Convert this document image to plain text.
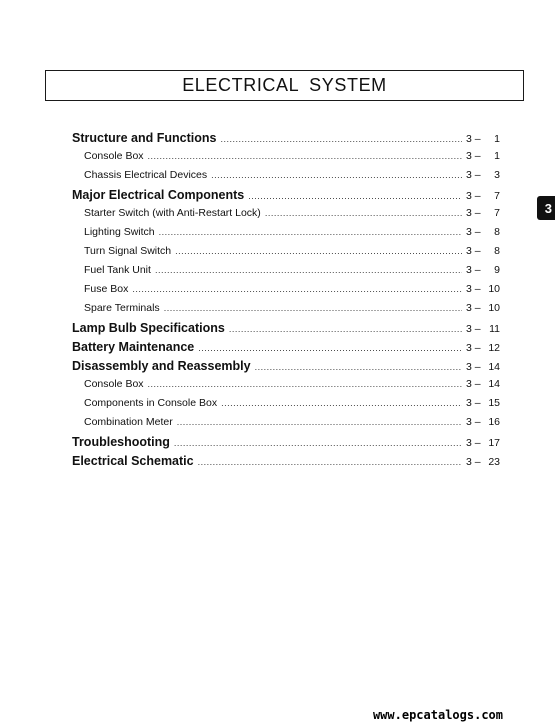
ELECTRICAL SYSTEM
Structure and Functions .....	3 – 1
Console Box .....	3 – 1
Chassis Electrical Devices .....	3 – 3
Major Electrical Components .....	3 – 7
Starter Switch (with Anti-Restart Lock) .....	3 – 7
Lighting Switch .....	3 – 8
Turn Signal Switch .....	3 – 8
Fuel Tank Unit .....	3 – 9
Fuse Box .....	3 – 10
Spare Terminals .....	3 – 10
Lamp Bulb Specifications .....	3 – 11
Battery Maintenance .....	3 – 12
Disassembly and Reassembly .....	3 – 14
Console Box .....	3 – 14
Components in Console Box .....	3 – 15
Combination Meter .....	3 – 16
Troubleshooting .....	3 – 17
Electrical Schematic .....	3 – 23
3
www.epcatalogs.com
